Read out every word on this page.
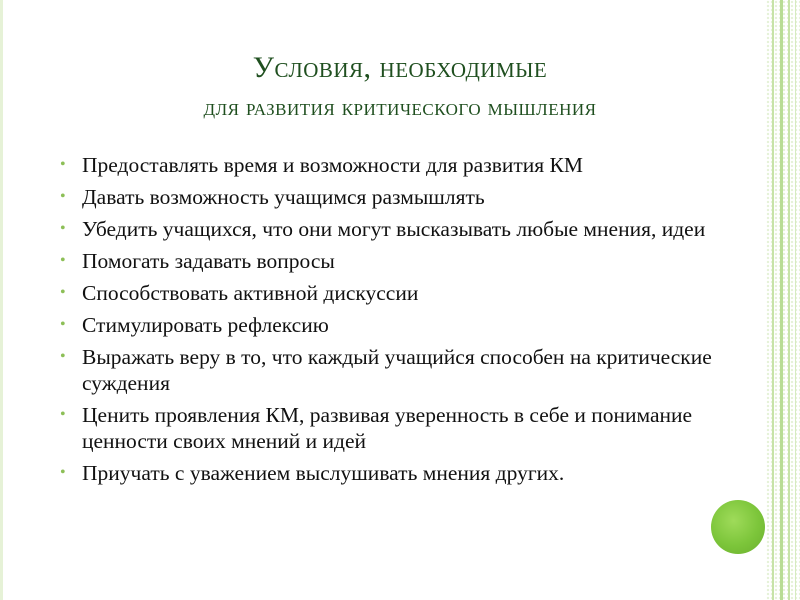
Условия, необходимые
для развития критического мышления
• Предоставлять время и возможности для развития КМ
• Давать возможность учащимся размышлять
• Убедить учащихся, что они могут высказывать любые мнения, идеи
• Помогать задавать вопросы
• Способствовать активной дискуссии
• Стимулировать рефлексию
• Выражать веру в то, что каждый учащийся способен на критические суждения
• Ценить проявления КМ, развивая уверенность в себе и понимание ценности своих мнений и идей
• Приучать с уважением выслушивать мнения других.
